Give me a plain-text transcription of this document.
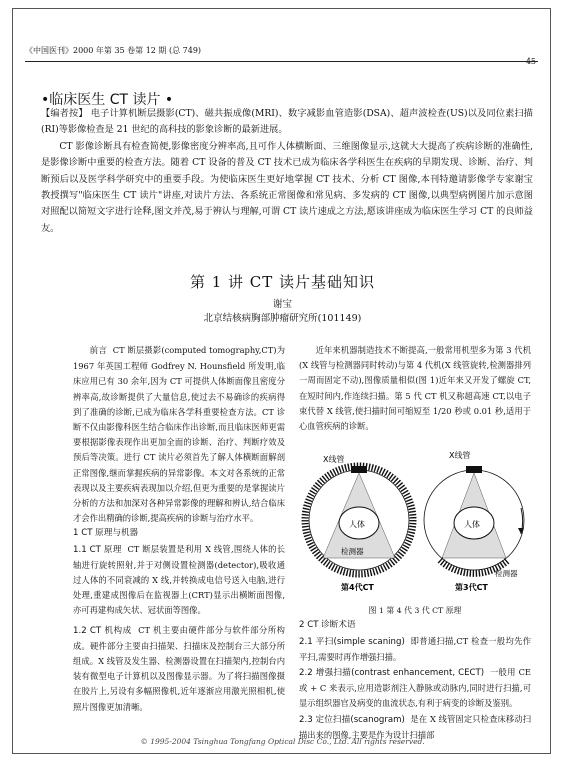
《中国医刊》2000 年第 35 卷第 12 期 (总 749)
45
•临床医生 CT 读片 •

【编者按】 电子计算机断层摄影(CT)、磁共振成像(MRI)、数字减影血管造影(DSA)、超声波检查(US)以及同位素扫描(RI)等影像检查是 21 世纪的高科技的影象诊断的最新进展。

CT 影像诊断具有检查简便,影像密度分辨率高,且可作人体横断面、三维图像显示,这就大大提高了疾病诊断的准确性,是影像诊断中重要的检查方法。随着 CT 设备的普及 CT 技术已成为临床各学科医生在疾病的早期发现、诊断、治疗、判断预后以及医学科学研究中的重要手段。为使临床医生更好地掌握 CT 技术、分析 CT 图像,本刊特邀请影像学专家谢宝 教授撰写"临床医生 CT 读片"讲座,对读片方法、各系统正常图像和常见病、多发病的 CT 图像,以典型病例图片加示意图对照配以简短文字进行诠释,图文并茂,易于辨认与理解,可谓 CT 读片速成之方法,愿该讲座成为临床医生学习 CT 的良师益友。

第 1 讲 CT 读片基础知识
谢宝
北京结核病胸部肿瘤研究所(101149)

前言 CT 断层摄影(computed tomography,CT)为 1967 年英国工程师 Godfrey N. Hounsfield 所发明,临床应用已有 30 余年,因为 CT 可提供人体断面像且密度分辨率高,故诊断提供了大量信息,使过去不易确诊的疾病得到了准确的诊断,已成为临床各学科重要检查方法。CT 诊断不仅由影像科医生结合临床作出诊断,而且临床医师更需要根据影像表现作出更加全面的诊断、治疗、判断疗效及预后等决策。进行 CT 读片必须首先了解人体横断面解剖正常图像,继而掌握疾病的异常影像。本文对各系统的正常表现以及主要疾病表现加以介绍,但更为重要的是掌握读片分析的方法和加深对各种异常影像的理解和辨认,结合临床才会作出精确的诊断,提高疾病的诊断与治疗水平。

1 CT 原理与机器

1.1 CT 原理 CT 断层装置是利用 X 线管,围绕人体的长轴进行旋转照射,并于对侧设置检测器(detector),吸收通过人体的不同衰减的 X 线,并转换成电信号送入电脑,进行处理,重建成图像后在监视器上(CRT)显示出横断面图像,亦可再建构成矢状、冠状面等图像。

1.2 CT 机构成 CT 机主要由硬件部分与软件部分所构成。硬件部分主要由扫描架、扫描床及控制台三大部分所组成。X 线管及发生器、检测器设置在扫描架内,控制台内装有微型电子计算机以及图像显示器。为了将扫描图像摄在胶片上,另设有多幅照像机,近年逐渐应用激光照相机,使照片图像更加清晰。

近年来机器制造技术不断提高,一般常用机型多为第 3 代机(X 线管与检测器同时转动)与第 4 代机(X 线管旋转,检测器排列一周而固定不动),图像质量相似(图 1)近年来又开发了螺旋 CT,在短时间内,作连续扫描。第 5 代 CT 机又称超高速 CT,以电子束代替 X 线管,使扫描时间可缩短至 1/20 秒或 0.01 秒,适用于心血管疾病的诊断。

X线管	X线管
人体	人体
检测器
检测器
第4代CT	第3代CT

图 1 第 4 代 3 代 CT 原理

2 CT 诊断术语

2.1 平扫(simple scaning) 即普通扫描,CT 检查一般均先作平扫,需要时再作增强扫描。

2.2 增强扫描(contrast enhancement, CECT) 一般用 CE 或 + C 来表示,应用造影剂注入静脉或动脉内,同时进行扫描,可显示组织器官及病变的血流状态,有利于病变的诊断及鉴别。

2.3 定位扫描(scanogram) 是在 X 线管固定只检查床移动扫描出来的图像,主要是作为设计扫描部

© 1995-2004 Tsinghua Tongfang Optical Disc Co., Ltd. All rights reserved.
